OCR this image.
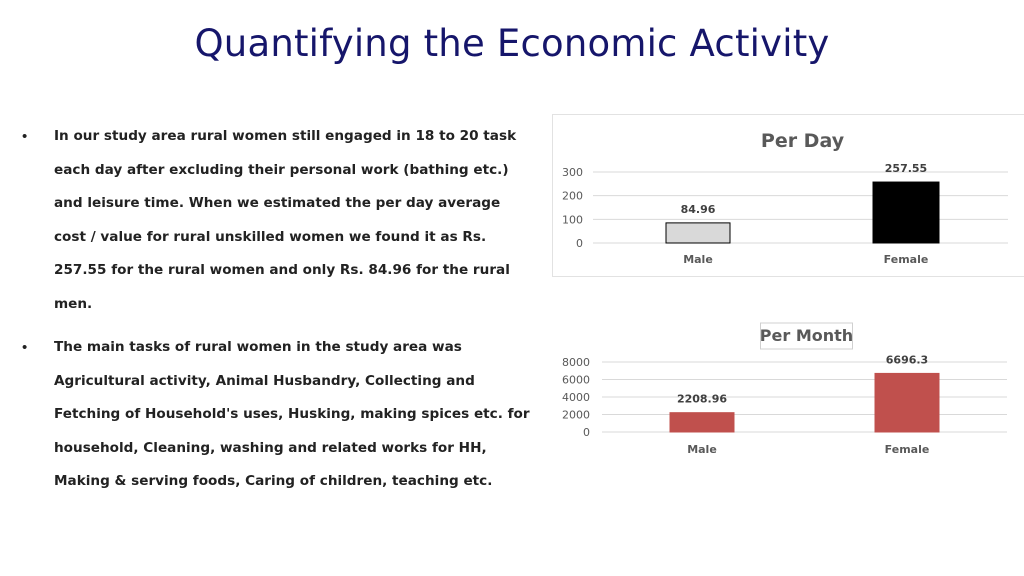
Quantifying the Economic Activity
• In our study area rural women still engaged in 18 to 20 task each day after excluding their personal work (bathing etc.) and leisure time. When we estimated the per day average cost / value for rural unskilled women we found it as Rs. 257.55 for the rural women and only Rs. 84.96 for the rural men.
• The main tasks of rural women in the study area was Agricultural activity, Animal Husbandry, Collecting and Fetching of Household's uses, Husking, making spices etc. for household, Cleaning, washing and related works for HH, Making & serving foods, Caring of children, teaching etc.
Per Day
0
100
200
300
84.96
Male
257.55
Female
Per Month
0
2000
4000
6000
8000
2208.96
Male
6696.3
Female
